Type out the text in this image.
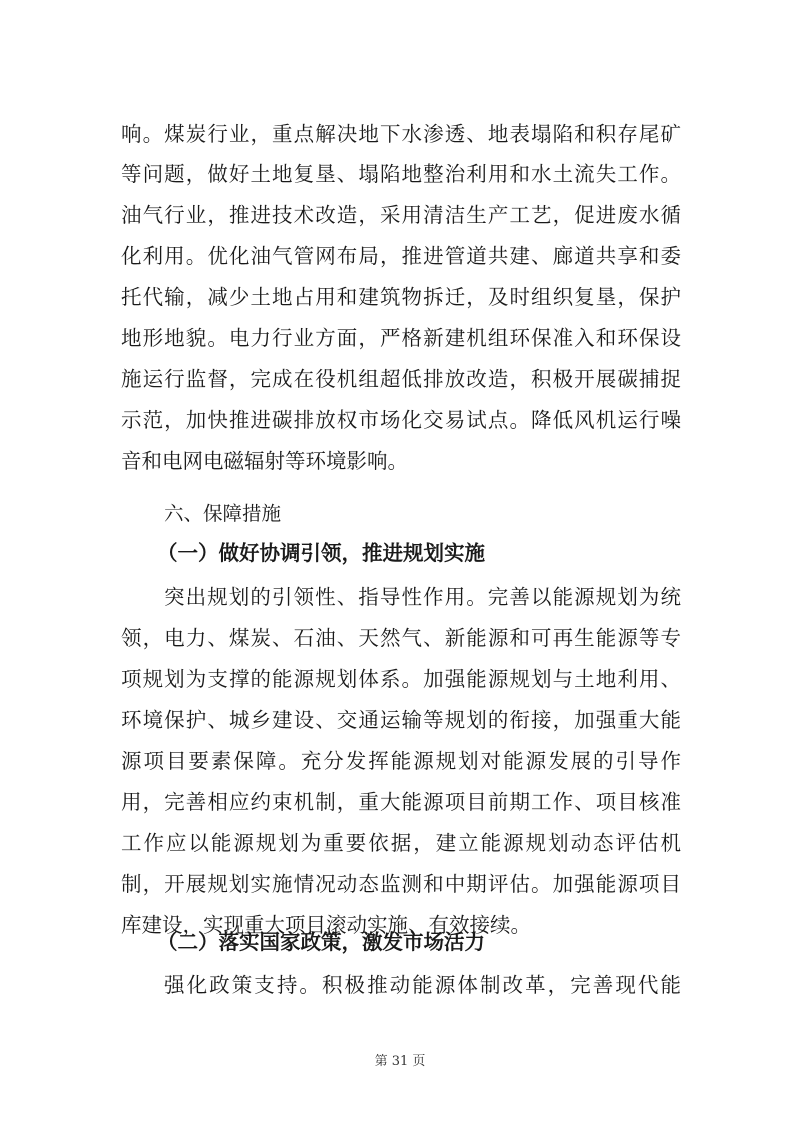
响。煤炭行业，重点解决地下水渗透、地表塌陷和积存尾矿
等问题，做好土地复垦、塌陷地整治利用和水土流失工作。
油气行业，推进技术改造，采用清洁生产工艺，促进废水循
化利用。优化油气管网布局，推进管道共建、廊道共享和委
托代输，减少土地占用和建筑物拆迁，及时组织复垦，保护
地形地貌。电力行业方面，严格新建机组环保准入和环保设
施运行监督，完成在役机组超低排放改造，积极开展碳捕捉
示范，加快推进碳排放权市场化交易试点。降低风机运行噪
音和电网电磁辐射等环境影响。
六、保障措施
（一）做好协调引领，推进规划实施
突出规划的引领性、指导性作用。完善以能源规划为统
领，电力、煤炭、石油、天然气、新能源和可再生能源等专
项规划为支撑的能源规划体系。加强能源规划与土地利用、
环境保护、城乡建设、交通运输等规划的衔接，加强重大能
源项目要素保障。充分发挥能源规划对能源发展的引导作
用，完善相应约束机制，重大能源项目前期工作、项目核准
工作应以能源规划为重要依据，建立能源规划动态评估机
制，开展规划实施情况动态监测和中期评估。加强能源项目
库建设，实现重大项目滚动实施、有效接续。
（二）落实国家政策，激发市场活力
强化政策支持。积极推动能源体制改革，完善现代能
第 31 页
